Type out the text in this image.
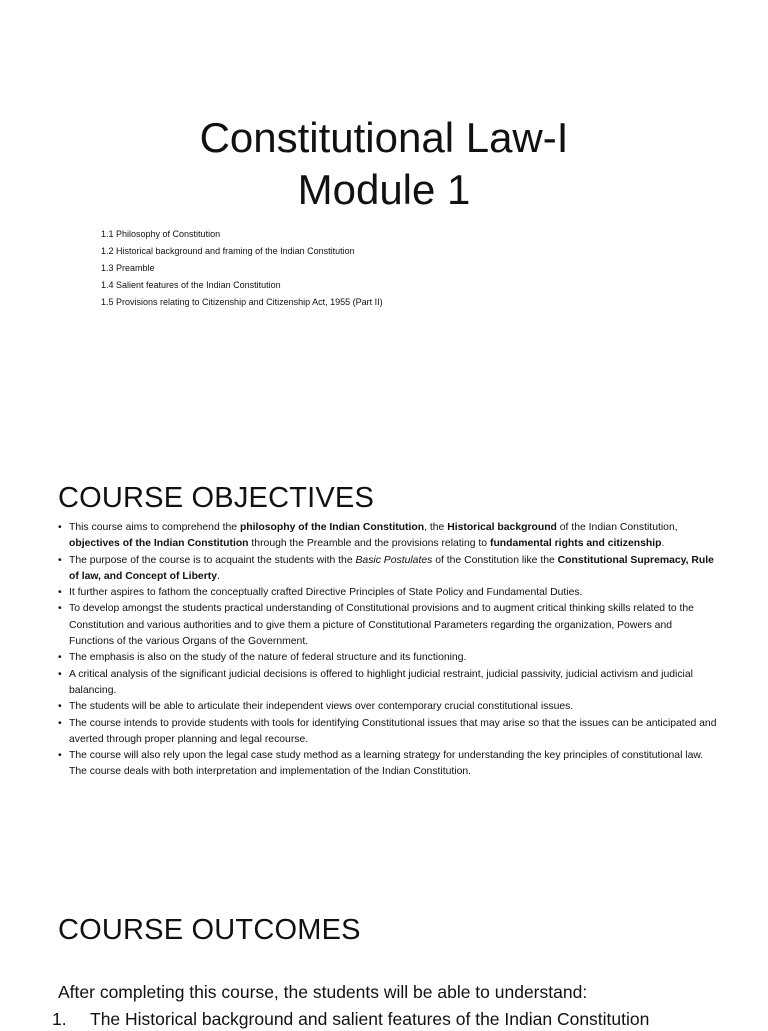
Constitutional Law-I
Module 1
1.1 Philosophy of Constitution
1.2 Historical background and framing of the Indian Constitution
1.3 Preamble
1.4 Salient features of the Indian Constitution
1.5 Provisions relating to Citizenship and Citizenship Act, 1955 (Part II)
COURSE OBJECTIVES
• This course aims to comprehend the philosophy of the Indian Constitution, the Historical background of the Indian Constitution, objectives of the Indian Constitution through the Preamble and the provisions relating to fundamental rights and citizenship.
• The purpose of the course is to acquaint the students with the Basic Postulates of the Constitution like the Constitutional Supremacy, Rule of law, and Concept of Liberty.
• It further aspires to fathom the conceptually crafted Directive Principles of State Policy and Fundamental Duties.
• To develop amongst the students practical understanding of Constitutional provisions and to augment critical thinking skills related to the Constitution and various authorities and to give them a picture of Constitutional Parameters regarding the organization, Powers and Functions of the various Organs of the Government.
• The emphasis is also on the study of the nature of federal structure and its functioning.
• A critical analysis of the significant judicial decisions is offered to highlight judicial restraint, judicial passivity, judicial activism and judicial balancing.
• The students will be able to articulate their independent views over contemporary crucial constitutional issues.
• The course intends to provide students with tools for identifying Constitutional issues that may arise so that the issues can be anticipated and averted through proper planning and legal recourse.
• The course will also rely upon the legal case study method as a learning strategy for understanding the key principles of constitutional law. The course deals with both interpretation and implementation of the Indian Constitution.
COURSE OUTCOMES
After completing this course, the students will be able to understand:
1. The Historical background and salient features of the Indian Constitution
